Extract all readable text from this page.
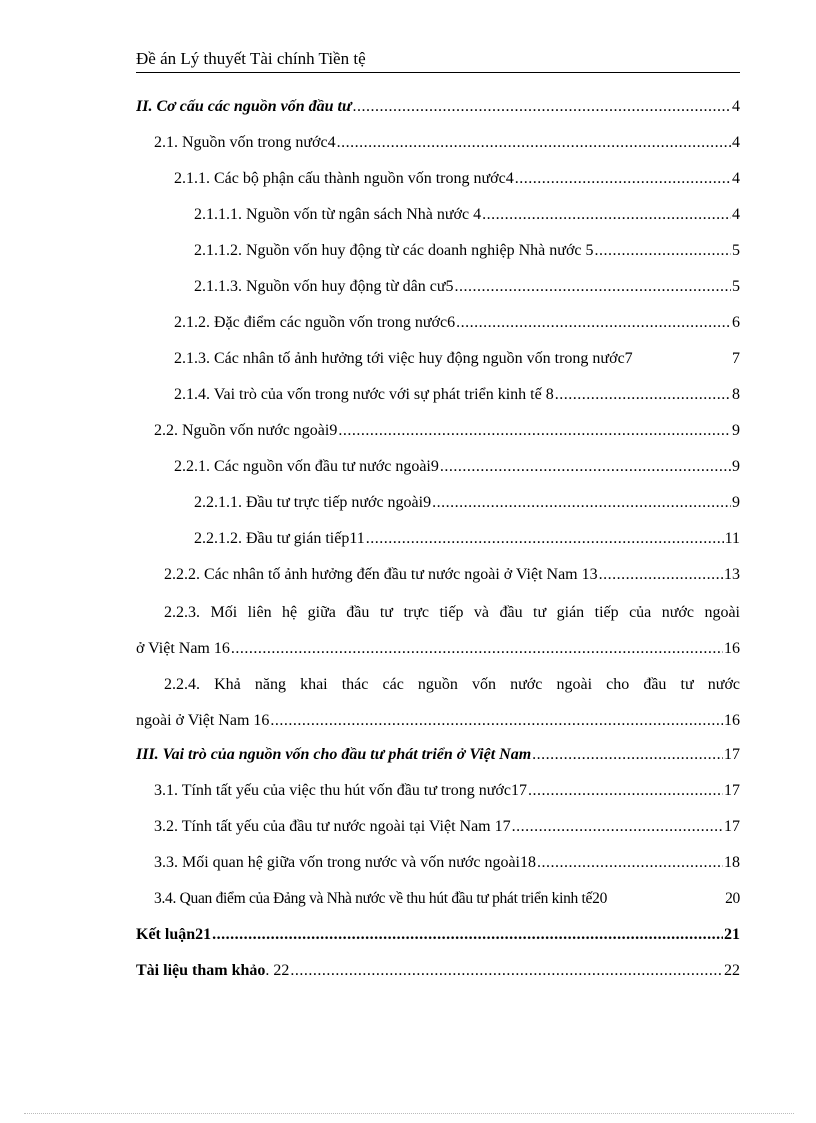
Đề án Lý thuyết Tài chính Tiền tệ
II. Cơ cấu các nguồn vốn đầu tư .....	4
2.1. Nguồn vốn trong nước4 .....	4
2.1.1. Các bộ phận cấu thành nguồn vốn trong nước4 .....	4
2.1.1.1. Nguồn vốn từ ngân sách Nhà nước 4 .....	4
2.1.1.2. Nguồn vốn huy động từ các doanh nghiệp Nhà nước 5 .....	5
2.1.1.3. Nguồn vốn huy động từ dân cư5 .....	5
2.1.2. Đặc điểm các nguồn vốn trong nước6 .....	6
2.1.3. Các nhân tố ảnh hưởng tới việc huy động nguồn vốn trong nước7	7
2.1.4. Vai trò của vốn trong nước với sự phát triển kinh tế 8 .....	8
2.2. Nguồn vốn nước ngoài9 .....	9
2.2.1. Các nguồn vốn đầu tư nước ngoài9 .....	9
2.2.1.1. Đầu tư trực tiếp nước ngoài9 .....	9
2.2.1.2. Đầu tư gián tiếp11 .....	11
2.2.2. Các nhân tố ảnh hưởng đến đầu tư nước ngoài ở Việt Nam 13 .....	13
2.2.3. Mối liên hệ giữa đầu tư trực tiếp và đầu tư gián tiếp của nước ngoài
ở Việt Nam 16 .....	16
2.2.4. Khả năng khai thác các nguồn vốn nước ngoài cho đầu tư nước
ngoài ở Việt Nam 16 .....	16
III. Vai trò của nguồn vốn cho đầu tư phát triển ở Việt Nam .....	17
3.1. Tính tất yếu của việc thu hút vốn đầu tư trong nước17 .....	17
3.2. Tính tất yếu của đầu tư nước ngoài tại Việt Nam 17 .....	17
3.3. Mối quan hệ giữa vốn trong nước và vốn nước ngoài18 .....	18
3.4. Quan điểm của Đảng và Nhà nước về thu hút đầu tư phát triển kinh tế20	20
Kết luận21 .....	21
Tài liệu tham khảo . 22 .....	22
